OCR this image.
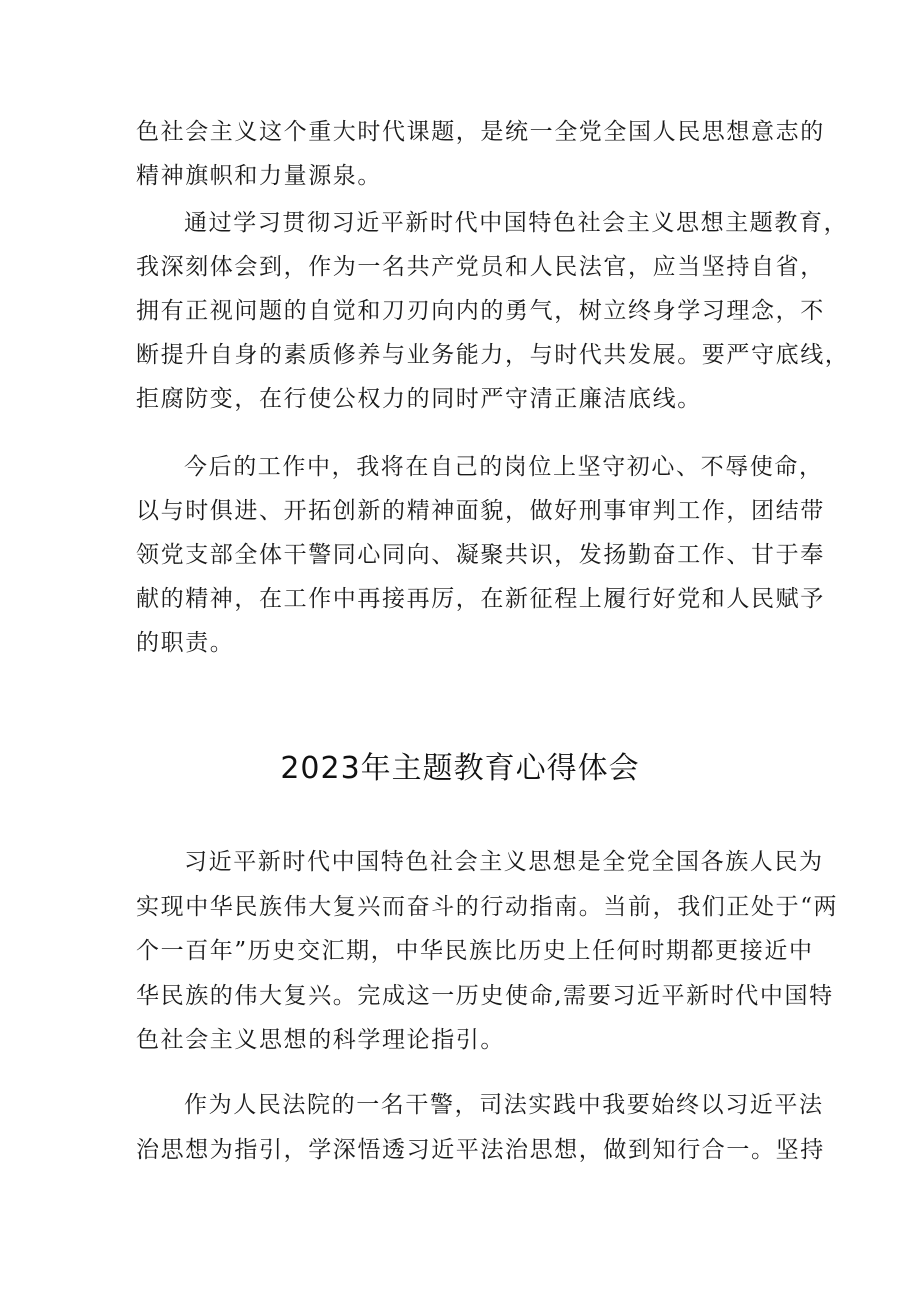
色社会主义这个重大时代课题，是统一全党全国人民思想意志的
精神旗帜和力量源泉。
通过学习贯彻习近平新时代中国特色社会主义思想主题教育，
我深刻体会到，作为一名共产党员和人民法官，应当坚持自省，
拥有正视问题的自觉和刀刃向内的勇气，树立终身学习理念，不
断提升自身的素质修养与业务能力，与时代共发展。要严守底线，
拒腐防变，在行使公权力的同时严守清正廉洁底线。
今后的工作中，我将在自己的岗位上坚守初心、不辱使命，
以与时俱进、开拓创新的精神面貌，做好刑事审判工作，团结带
领党支部全体干警同心同向、凝聚共识，发扬勤奋工作、甘于奉
献的精神，在工作中再接再厉，在新征程上履行好党和人民赋予
的职责。
2023年主题教育心得体会
习近平新时代中国特色社会主义思想是全党全国各族人民为
实现中华民族伟大复兴而奋斗的行动指南。当前，我们正处于“两
个一百年”历史交汇期，中华民族比历史上任何时期都更接近中
华民族的伟大复兴。完成这一历史使命,需要习近平新时代中国特
色社会主义思想的科学理论指引。
作为人民法院的一名干警，司法实践中我要始终以习近平法
治思想为指引，学深悟透习近平法治思想，做到知行合一。坚持
